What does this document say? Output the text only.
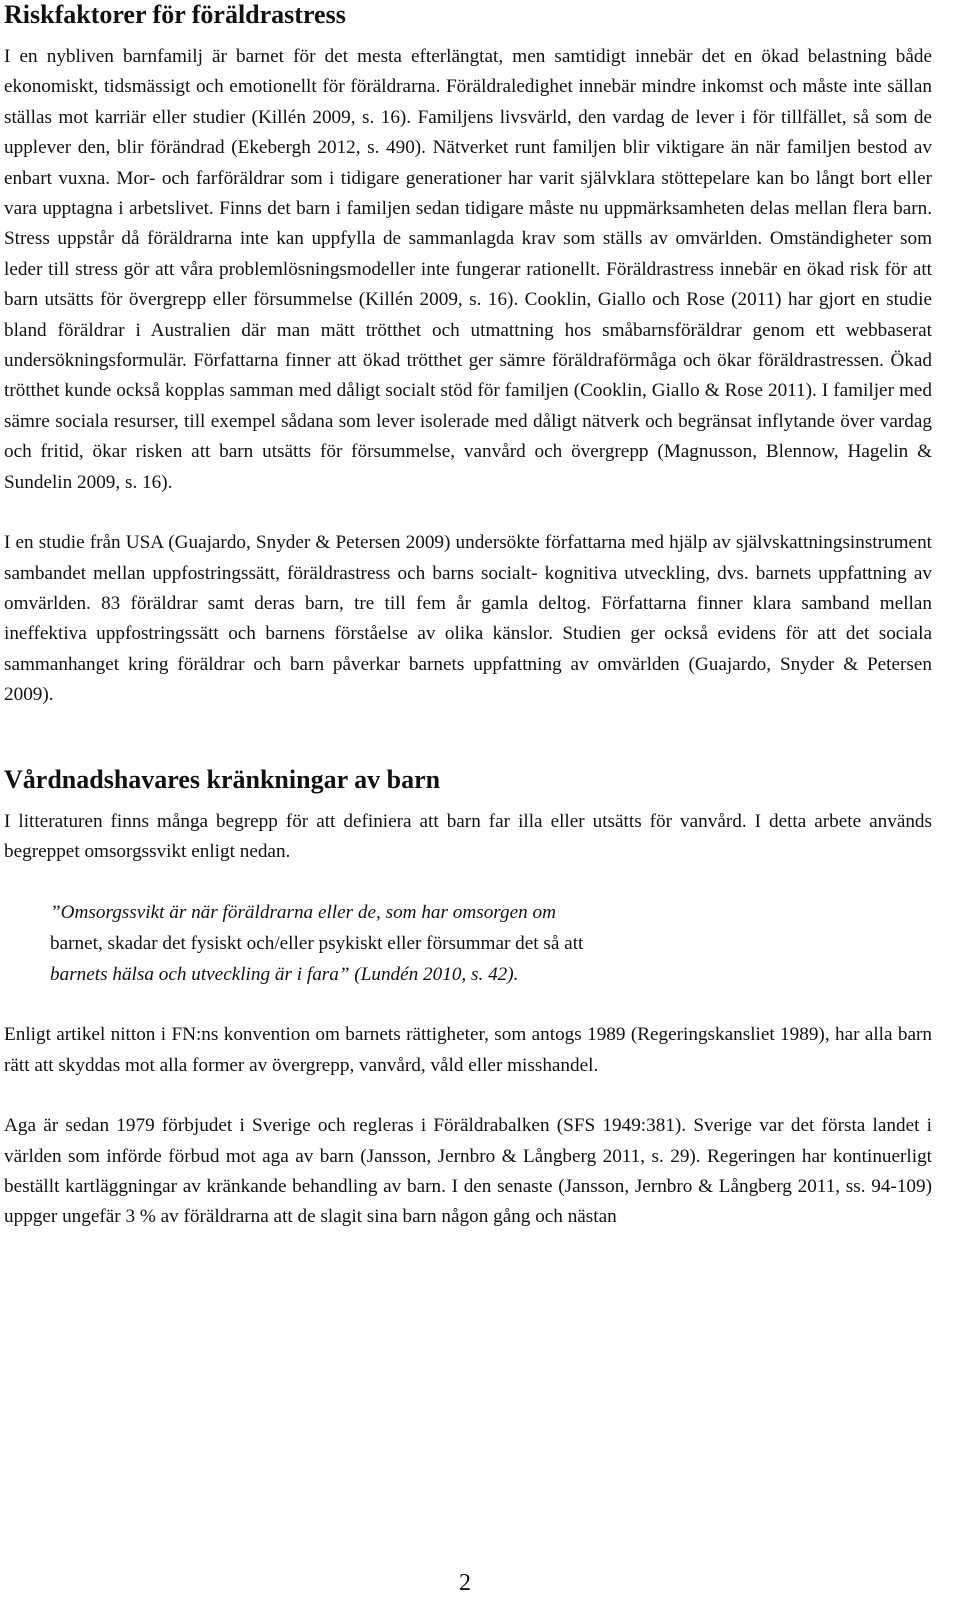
Riskfaktorer för föräldrastress

I en nybliven barnfamilj är barnet för det mesta efterlängtat, men samtidigt innebär det en ökad belastning både ekonomiskt, tidsmässigt och emotionellt för föräldrarna. Föräldraledighet innebär mindre inkomst och måste inte sällan ställas mot karriär eller studier (Killén 2009, s. 16). Familjens livsvärld, den vardag de lever i för tillfället, så som de upplever den, blir förändrad (Ekebergh 2012, s. 490). Nätverket runt familjen blir viktigare än när familjen bestod av enbart vuxna. Mor- och farföräldrar som i tidigare generationer har varit självklara stöttepelare kan bo långt bort eller vara upptagna i arbetslivet. Finns det barn i familjen sedan tidigare måste nu uppmärksamheten delas mellan flera barn. Stress uppstår då föräldrarna inte kan uppfylla de sammanlagda krav som ställs av omvärlden. Omständigheter som leder till stress gör att våra problemlösningsmodeller inte fungerar rationellt. Föräldrastress innebär en ökad risk för att barn utsätts för övergrepp eller försummelse (Killén 2009, s. 16). Cooklin, Giallo och Rose (2011) har gjort en studie bland föräldrar i Australien där man mätt trötthet och utmattning hos småbarnsföräldrar genom ett webbaserat undersökningsformulär. Författarna finner att ökad trötthet ger sämre föräldraförmåga och ökar föräldrastressen. Ökad trötthet kunde också kopplas samman med dåligt socialt stöd för familjen (Cooklin, Giallo & Rose 2011). I familjer med sämre sociala resurser, till exempel sådana som lever isolerade med dåligt nätverk och begränsat inflytande över vardag och fritid, ökar risken att barn utsätts för försummelse, vanvård och övergrepp (Magnusson, Blennow, Hagelin & Sundelin 2009, s. 16).

I en studie från USA (Guajardo, Snyder & Petersen 2009) undersökte författarna med hjälp av självskattningsinstrument sambandet mellan uppfostringssätt, föräldrastress och barns socialt- kognitiva utveckling, dvs. barnets uppfattning av omvärlden. 83 föräldrar samt deras barn, tre till fem år gamla deltog. Författarna finner klara samband mellan ineffektiva uppfostringssätt och barnens förståelse av olika känslor. Studien ger också evidens för att det sociala sammanhanget kring föräldrar och barn påverkar barnets uppfattning av omvärlden (Guajardo, Snyder & Petersen 2009).

Vårdnadshavares kränkningar av barn

I litteraturen finns många begrepp för att definiera att barn far illa eller utsätts för vanvård. I detta arbete används begreppet omsorgssvikt enligt nedan.

”Omsorgssvikt är när föräldrarna eller de, som har omsorgen om
barnet, skadar det fysiskt och/eller psykiskt eller försummar det så att
barnets hälsa och utveckling är i fara” (Lundén 2010, s. 42).

Enligt artikel nitton i FN:ns konvention om barnets rättigheter, som antogs 1989 (Regeringskansliet 1989), har alla barn rätt att skyddas mot alla former av övergrepp, vanvård, våld eller misshandel.

Aga är sedan 1979 förbjudet i Sverige och regleras i Föräldrabalken (SFS 1949:381). Sverige var det första landet i världen som införde förbud mot aga av barn (Jansson, Jernbro & Långberg 2011, s. 29). Regeringen har kontinuerligt beställt kartläggningar av kränkande behandling av barn. I den senaste (Jansson, Jernbro & Långberg 2011, ss. 94-109) uppger ungefär 3 % av föräldrarna att de slagit sina barn någon gång och nästan

2
